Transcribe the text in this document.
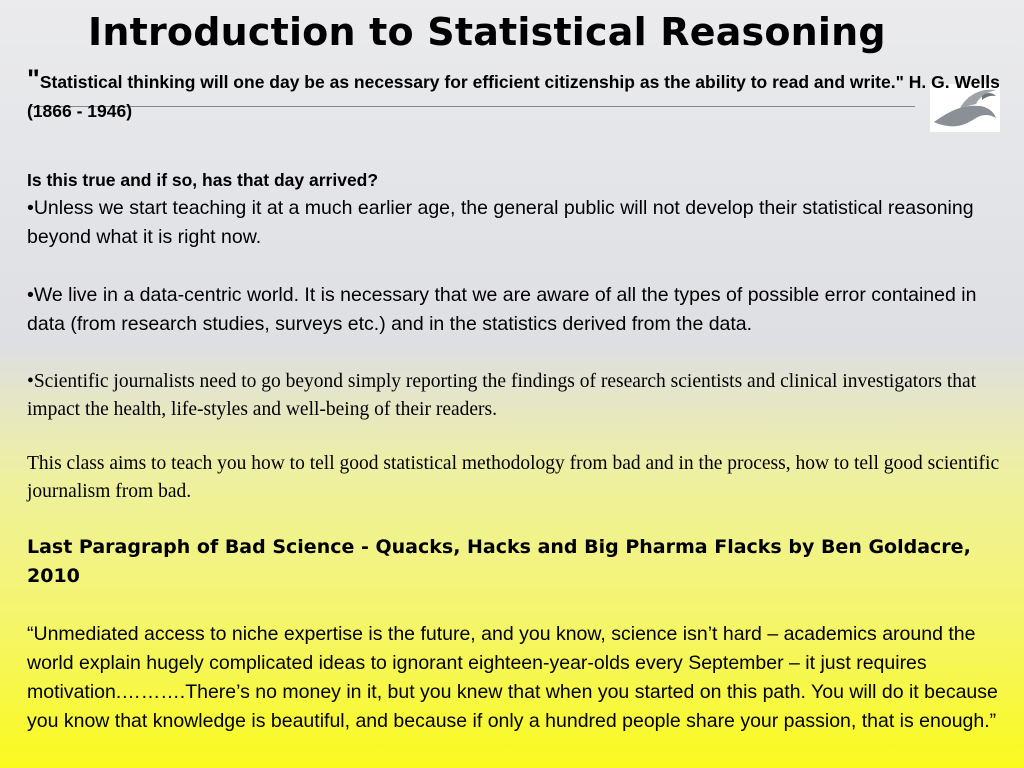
Introduction to Statistical Reasoning

"Statistical thinking will one day be as necessary for efficient citizenship as the ability to read and write." H. G. Wells (1866 - 1946)

Is this true and if so, has that day arrived?

•Unless we start teaching it at a much earlier age, the general public will not develop their statistical reasoning beyond what it is right now.

•We live in a data-centric world. It is necessary that we are aware of all the types of possible error contained in data (from research studies, surveys etc.) and in the statistics derived from the data.

•Scientific journalists need to go beyond simply reporting the findings of research scientists and clinical investigators that impact the health, life-styles and well-being of their readers.

This class aims to teach you how to tell good statistical methodology from bad and in the process, how to tell good scientific journalism from bad.

Last Paragraph of Bad Science - Quacks, Hacks and Big Pharma Flacks by Ben Goldacre, 2010

“Unmediated access to niche expertise is the future, and you know, science isn’t hard – academics around the world explain hugely complicated ideas to ignorant eighteen-year-olds every September – it just requires motivation.……….There’s no money in it, but you knew that when you started on this path. You will do it because you know that knowledge is beautiful, and because if only a hundred people share your passion, that is enough.”
